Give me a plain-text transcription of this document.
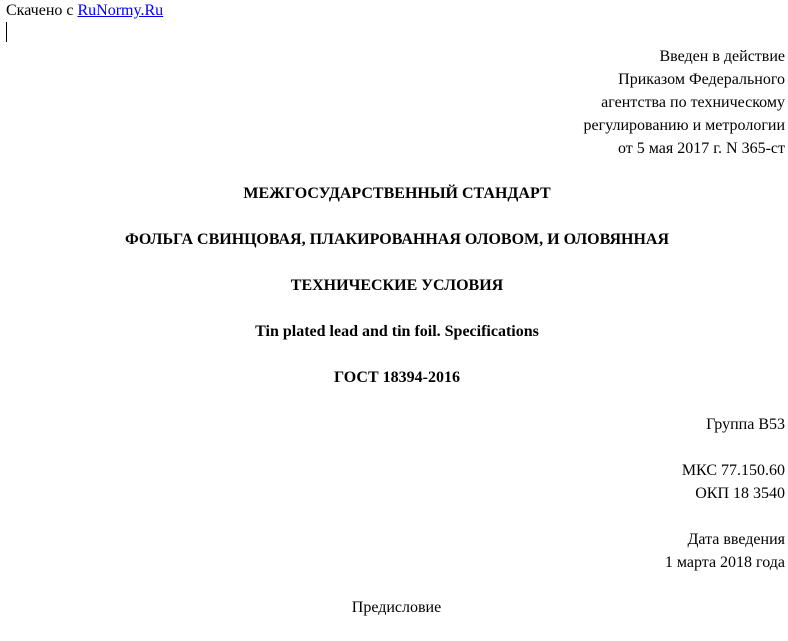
Скачено с RuNormy.Ru
Введен в действие
Приказом Федерального
агентства по техническому
регулированию и метрологии
от 5 мая 2017 г. N 365-ст
МЕЖГОСУДАРСТВЕННЫЙ СТАНДАРТ
ФОЛЬГА СВИНЦОВАЯ, ПЛАКИРОВАННАЯ ОЛОВОМ, И ОЛОВЯННАЯ
ТЕХНИЧЕСКИЕ УСЛОВИЯ
Tin plated lead and tin foil. Specifications
ГОСТ 18394-2016
Группа В53
МКС 77.150.60
ОКП 18 3540
Дата введения
1 марта 2018 года
Предисловие
